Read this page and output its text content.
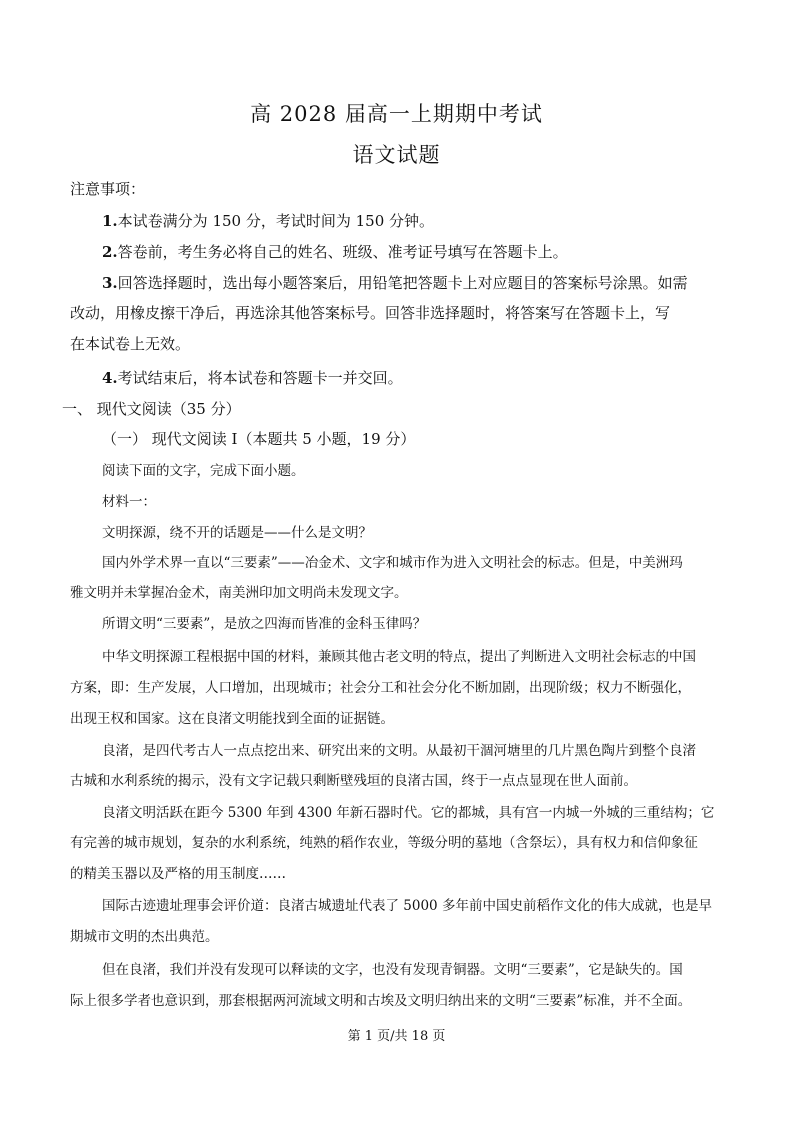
高 2028 届高一上期期中考试
语文试题
注意事项：
1.本试卷满分为 150 分，考试时间为 150 分钟。
2.答卷前，考生务必将自己的姓名、班级、准考证号填写在答题卡上。
3.回答选择题时，选出每小题答案后，用铅笔把答题卡上对应题目的答案标号涂黑。如需
改动，用橡皮擦干净后，再选涂其他答案标号。回答非选择题时，将答案写在答题卡上，写
在本试卷上无效。
4.考试结束后，将本试卷和答题卡一并交回。
一、 现代文阅读（35 分）
（一） 现代文阅读 I（本题共 5 小题，19 分）
阅读下面的文字，完成下面小题。
材料一：
文明探源，绕不开的话题是——什么是文明？
国内外学术界一直以“三要素”——冶金术、文字和城市作为进入文明社会的标志。但是，中美洲玛
雅文明并未掌握冶金术，南美洲印加文明尚未发现文字。
所谓文明“三要素”，是放之四海而皆准的金科玉律吗？
中华文明探源工程根据中国的材料，兼顾其他古老文明的特点，提出了判断进入文明社会标志的中国
方案，即：生产发展，人口增加，出现城市；社会分工和社会分化不断加剧，出现阶级；权力不断强化，
出现王权和国家。这在良渚文明能找到全面的证据链。
良渚，是四代考古人一点点挖出来、研究出来的文明。从最初干涸河塘里的几片黑色陶片到整个良渚
古城和水利系统的揭示，没有文字记载只剩断壁残垣的良渚古国，终于一点点显现在世人面前。
良渚文明活跃在距今 5300 年到 4300 年新石器时代。它的都城，具有宫一内城一外城的三重结构；它
有完善的城市规划，复杂的水利系统，纯熟的稻作农业，等级分明的墓地（含祭坛），具有权力和信仰象征
的精美玉器以及严格的用玉制度……
国际古迹遗址理事会评价道：良渚古城遗址代表了 5000 多年前中国史前稻作文化的伟大成就，也是早
期城市文明的杰出典范。
但在良渚，我们并没有发现可以释读的文字，也没有发现青铜器。文明“三要素”，它是缺失的。国
际上很多学者也意识到，那套根据两河流域文明和古埃及文明归纳出来的文明“三要素”标准，并不全面。
第 1 页/共 18 页
